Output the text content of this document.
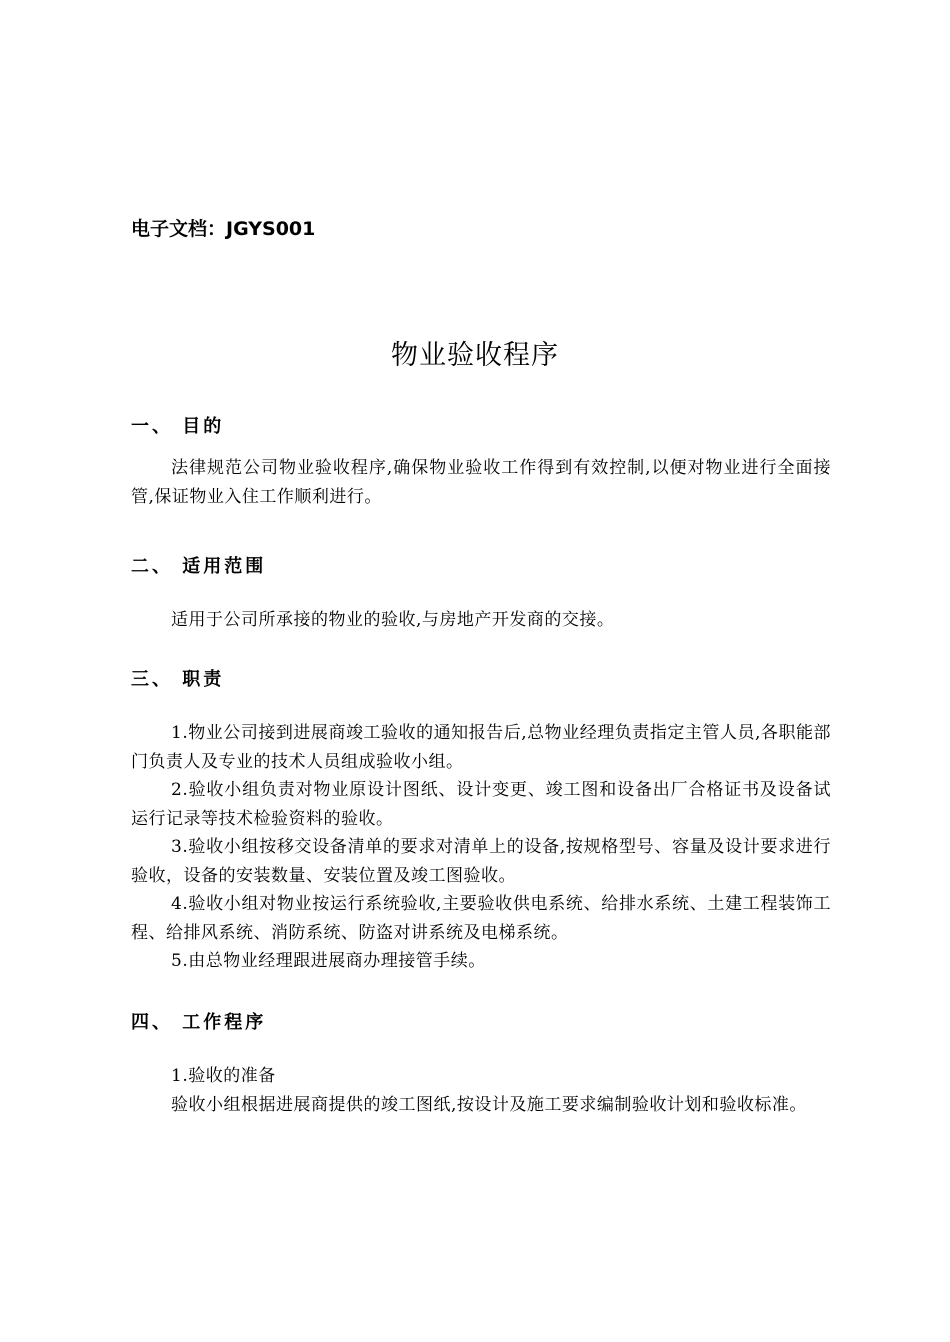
电子文档：JGYS001
物业验收程序
一、 目的

法律规范公司物业验收程序,确保物业验收工作得到有效控制,以便对物业进行全面接管,保证物业入住工作顺利进行。

二、 适用范围

适用于公司所承接的物业的验收,与房地产开发商的交接。

三、 职责

1.物业公司接到进展商竣工验收的通知报告后,总物业经理负责指定主管人员,各职能部门负责人及专业的技术人员组成验收小组。

2.验收小组负责对物业原设计图纸、设计变更、竣工图和设备出厂合格证书及设备试运行记录等技术检验资料的验收。

3.验收小组按移交设备清单的要求对清单上的设备,按规格型号、容量及设计要求进行验收，设备的安装数量、安装位置及竣工图验收。

4.验收小组对物业按运行系统验收,主要验收供电系统、给排水系统、土建工程装饰工程、给排风系统、消防系统、防盗对讲系统及电梯系统。

5.由总物业经理跟进展商办理接管手续。

四、 工作程序

1.验收的准备

验收小组根据进展商提供的竣工图纸,按设计及施工要求编制验收计划和验收标准。
